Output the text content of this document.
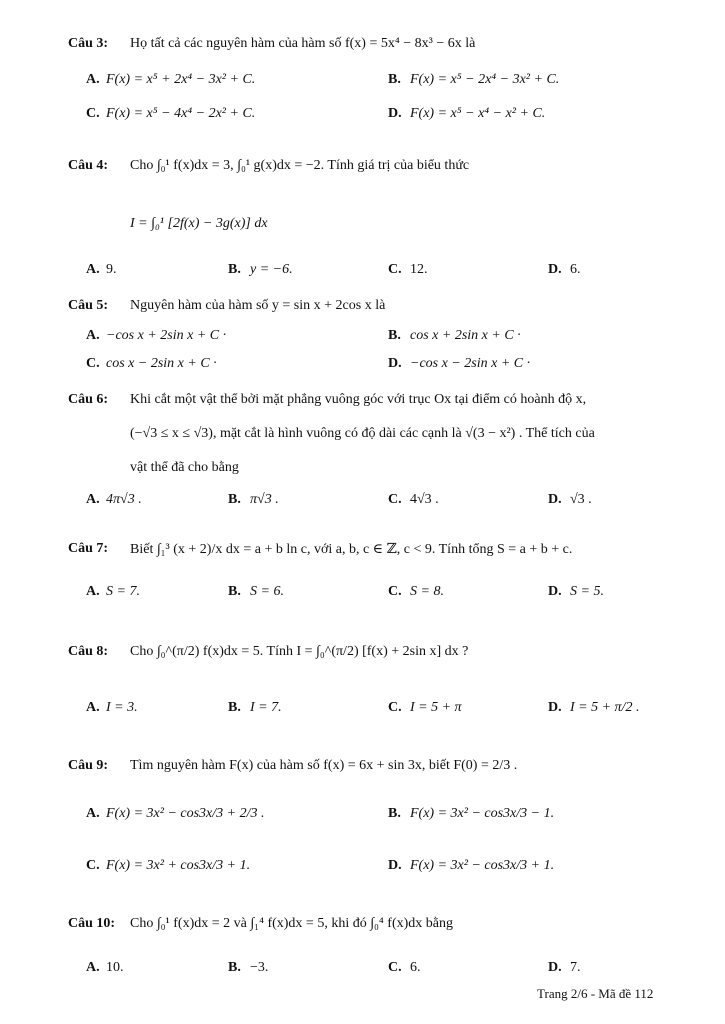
Câu 3: Họ tất cả các nguyên hàm của hàm số f(x) = 5x⁴ − 8x³ − 6x là
A. F(x) = x⁵ + 2x⁴ − 3x² + C.	B. F(x) = x⁵ − 2x⁴ − 3x² + C.
C. F(x) = x⁵ − 4x⁴ − 2x² + C.	D. F(x) = x⁵ − x⁴ − x² + C.
Câu 4: Cho ∫₀¹ f(x)dx = 3, ∫₀¹ g(x)dx = −2. Tính giá trị của biểu thức
I = ∫₀¹ [2f(x) − 3g(x)] dx
A. 9.	B. y = −6.	C. 12.	D. 6.
Câu 5: Nguyên hàm của hàm số y = sin x + 2cos x là
A. −cos x + 2sin x + C ·	B. cos x + 2sin x + C ·
C. cos x − 2sin x + C ·	D. −cos x − 2sin x + C ·
Câu 6: Khi cắt một vật thể bởi mặt phẳng vuông góc với trục Ox tại điểm có hoành độ x,
(−√3 ≤ x ≤ √3), mặt cắt là hình vuông có độ dài các cạnh là √(3 − x²) . Thể tích của
vật thể đã cho bằng
A. 4π√3 .	B. π√3 .	C. 4√3 .	D. √3 .
Câu 7: Biết ∫₁³ (x + 2)/x dx = a + b ln c, với a, b, c ∈ ℤ, c < 9. Tính tổng S = a + b + c.
A. S = 7.	B. S = 6.	C. S = 8.	D. S = 5.
Câu 8: Cho ∫₀^(π/2) f(x)dx = 5. Tính I = ∫₀^(π/2) [f(x) + 2sin x] dx ?
A. I = 3.	B. I = 7.	C. I = 5 + π	D. I = 5 + π/2 .
Câu 9: Tìm nguyên hàm F(x) của hàm số f(x) = 6x + sin 3x, biết F(0) = 2/3 .
A. F(x) = 3x² − cos3x/3 + 2/3 .	B. F(x) = 3x² − cos3x/3 − 1.
C. F(x) = 3x² + cos3x/3 + 1.	D. F(x) = 3x² − cos3x/3 + 1.
Câu 10: Cho ∫₀¹ f(x)dx = 2 và ∫₁⁴ f(x)dx = 5, khi đó ∫₀⁴ f(x)dx bằng
A. 10.	B. −3.	C. 6.	D. 7.
Trang 2/6 - Mã đề 112
